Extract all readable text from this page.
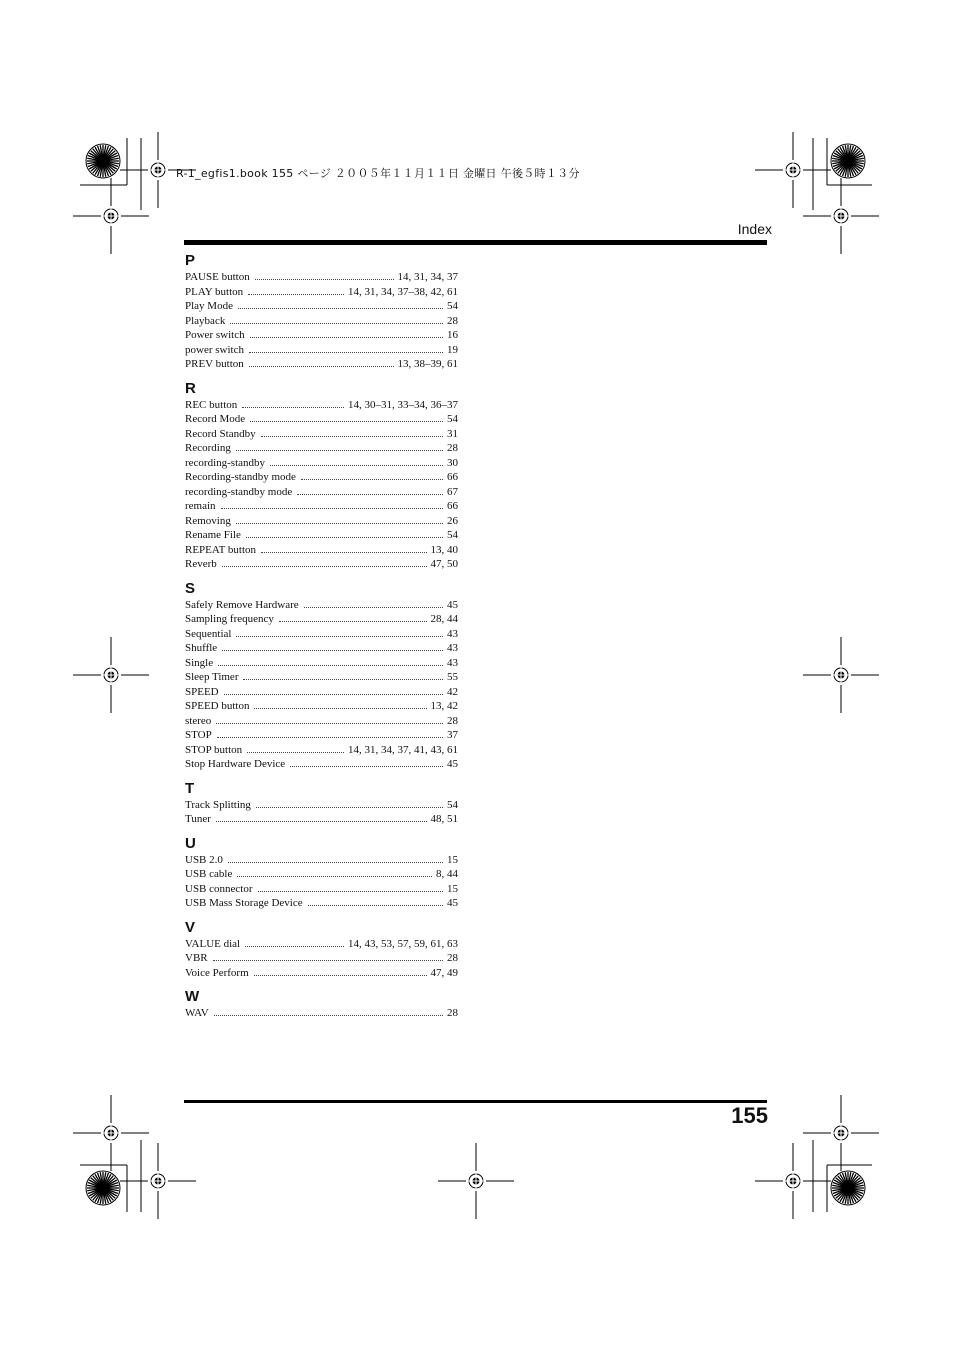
R-1_egfis1.book 155 ページ ２００５年１１月１１日 金曜日 午後５時１３分
Index
P
PAUSE button	14, 31, 34, 37
PLAY button	14, 31, 34, 37–38, 42, 61
Play Mode	54
Playback	28
Power switch	16
power switch	19
PREV button	13, 38–39, 61
R
REC button	14, 30–31, 33–34, 36–37
Record Mode	54
Record Standby	31
Recording	28
recording-standby	30
Recording-standby mode	66
recording-standby mode	67
remain	66
Removing	26
Rename File	54
REPEAT button	13, 40
Reverb	47, 50
S
Safely Remove Hardware	45
Sampling frequency	28, 44
Sequential	43
Shuffle	43
Single	43
Sleep Timer	55
SPEED	42
SPEED button	13, 42
stereo	28
STOP	37
STOP button	14, 31, 34, 37, 41, 43, 61
Stop Hardware Device	45
T
Track Splitting	54
Tuner	48, 51
U
USB 2.0	15
USB cable	8, 44
USB connector	15
USB Mass Storage Device	45
V
VALUE dial	14, 43, 53, 57, 59, 61, 63
VBR	28
Voice Perform	47, 49
W
WAV	28
155
